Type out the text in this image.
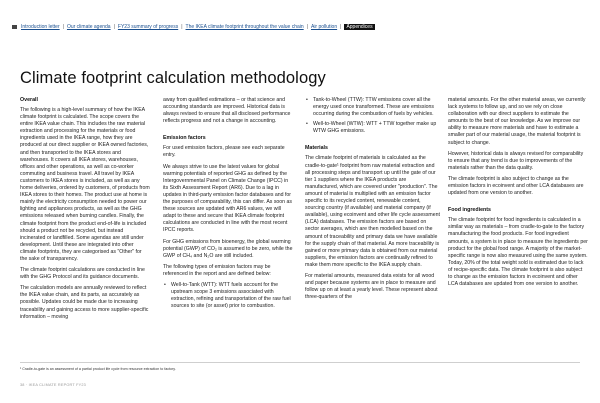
Introduction letter | Our climate agenda | FY23 summary of progress | The IKEA climate footprint throughout the value chain | Air pollution |	Appendices
Climate footprint calculation methodology
Overall

The following is a high-level summary of how the IKEA climate footprint is calculated. The scope covers the entire IKEA value chain. This includes the raw material extraction and processing for the materials or food ingredients used in the IKEA range, how they are produced at our direct supplier or IKEA owned factories, and then transported to the IKEA stores and warehouses. It covers all IKEA stores, warehouses, offices and other operations, as well as co-worker commuting and business travel. All travel by IKEA customers to IKEA stores is included, as well as any home deliveries, ordered by customers, of products from IKEA stores to their homes. The product use at home is mainly the electricity consumption needed to power our lighting and appliances products, as well as the GHG emissions released when burning candles. Finally, the climate footprint from the product end-of-life is included should a product not be recycled, but instead incinerated or landfilled. Some agendas are still under development. Until these are integrated into other climate footprints, they are categorised as "Other" for the sake of transparency.

The climate footprint calculations are conducted in line with the GHG Protocol and its guidance documents.

The calculation models are annually reviewed to reflect the IKEA value chain, and its parts, as accurately as possible. Updates could be made due to increasing traceability and gaining access to more supplier-specific information – moving

away from qualified estimations – or that science and accounting standards are improved. Historical data is always revised to ensure that all disclosed performance reflects progress and not a change in accounting.

Emission factors

For used emission factors, please see each separate entry.

We always strive to use the latest values for global warming potentials of reported GHG as defined by the Intergovernmental Panel on Climate Change (IPCC) in its Sixth Assessment Report (AR6). Due to a lag in updates in third-party emission factor databases and for the purposes of comparability, this can differ. As soon as these sources are updated with AR6 values, we will adapt to these and secure that IKEA climate footprint calculations are conducted in line with the most recent IPCC reports.

For GHG emissions from bioenergy, the global warming potential (GWP) of CO₂ is assumed to be zero, while the GWP of CH₄ and N₂O are still included.

The following types of emission factors may be referenced in the report and are defined below:

• Well-to-Tank (WTT): WTT fuels account for the upstream scope 3 emissions associated with extraction, refining and transportation of the raw fuel sources to site (or asset) prior to combustion.
• Tank-to-Wheel (TTW): TTW emissions cover all the energy used once transformed. These are emissions occurring during the combustion of fuels by vehicles.
• Well-to-Wheel (WTW): WTT + TTW together make up WTW GHG emissions.
Materials

The climate footprint of materials is calculated as the cradle-to-gate¹ footprint from raw material extraction and all processing steps and transport up until the gate of our tier 1 suppliers where the IKEA products are manufactured, which are covered under "production". The amount of material is multiplied with an emission factor specific to its recycled content, renewable content, sourcing country (if available) and material company (if available), using ecoinvent and other life cycle assessment (LCA) databases. The emission factors are based on sector averages, which are then modelled based on the amount of traceability and primary data we have available for the supply chain of that material. As more traceability is gained or more primary data is obtained from our material suppliers, the emission factors are continually refined to make them more specific to the IKEA supply chain.

For material amounts, measured data exists for all wood and paper because systems are in place to measure and follow up on at least a yearly level. These represent about three-quarters of the

material amounts. For the other material areas, we currently lack systems to follow up, and so we rely on close collaboration with our direct suppliers to estimate the amounts to the best of our knowledge. As we improve our ability to measure more materials and have to estimate a smaller part of our material usage, the material footprint is subject to change.

However, historical data is always revised for comparability to ensure that any trend is due to improvements of the materials rather than the data quality.

The climate footprint is also subject to change as the emission factors in ecoinvent and other LCA databases are updated from one version to another.

Food ingredients

The climate footprint for food ingredients is calculated in a similar way as materials – from cradle-to-gate to the factory manufacturing the food products. For food ingredient amounts, a system is in place to measure the ingredients per product for the global food range. A majority of the market-specific range is now also measured using the same system. Today, 20% of the total weight sold is estimated due to lack of recipe-specific data. The climate footprint is also subject to change as the emission factors in ecoinvent and other LCA databases are updated from one version to another.

¹ Cradle-to-gate is an assessment of a partial product life cycle from resource extraction to factory.
38 · IKEA CLIMATE REPORT FY23
